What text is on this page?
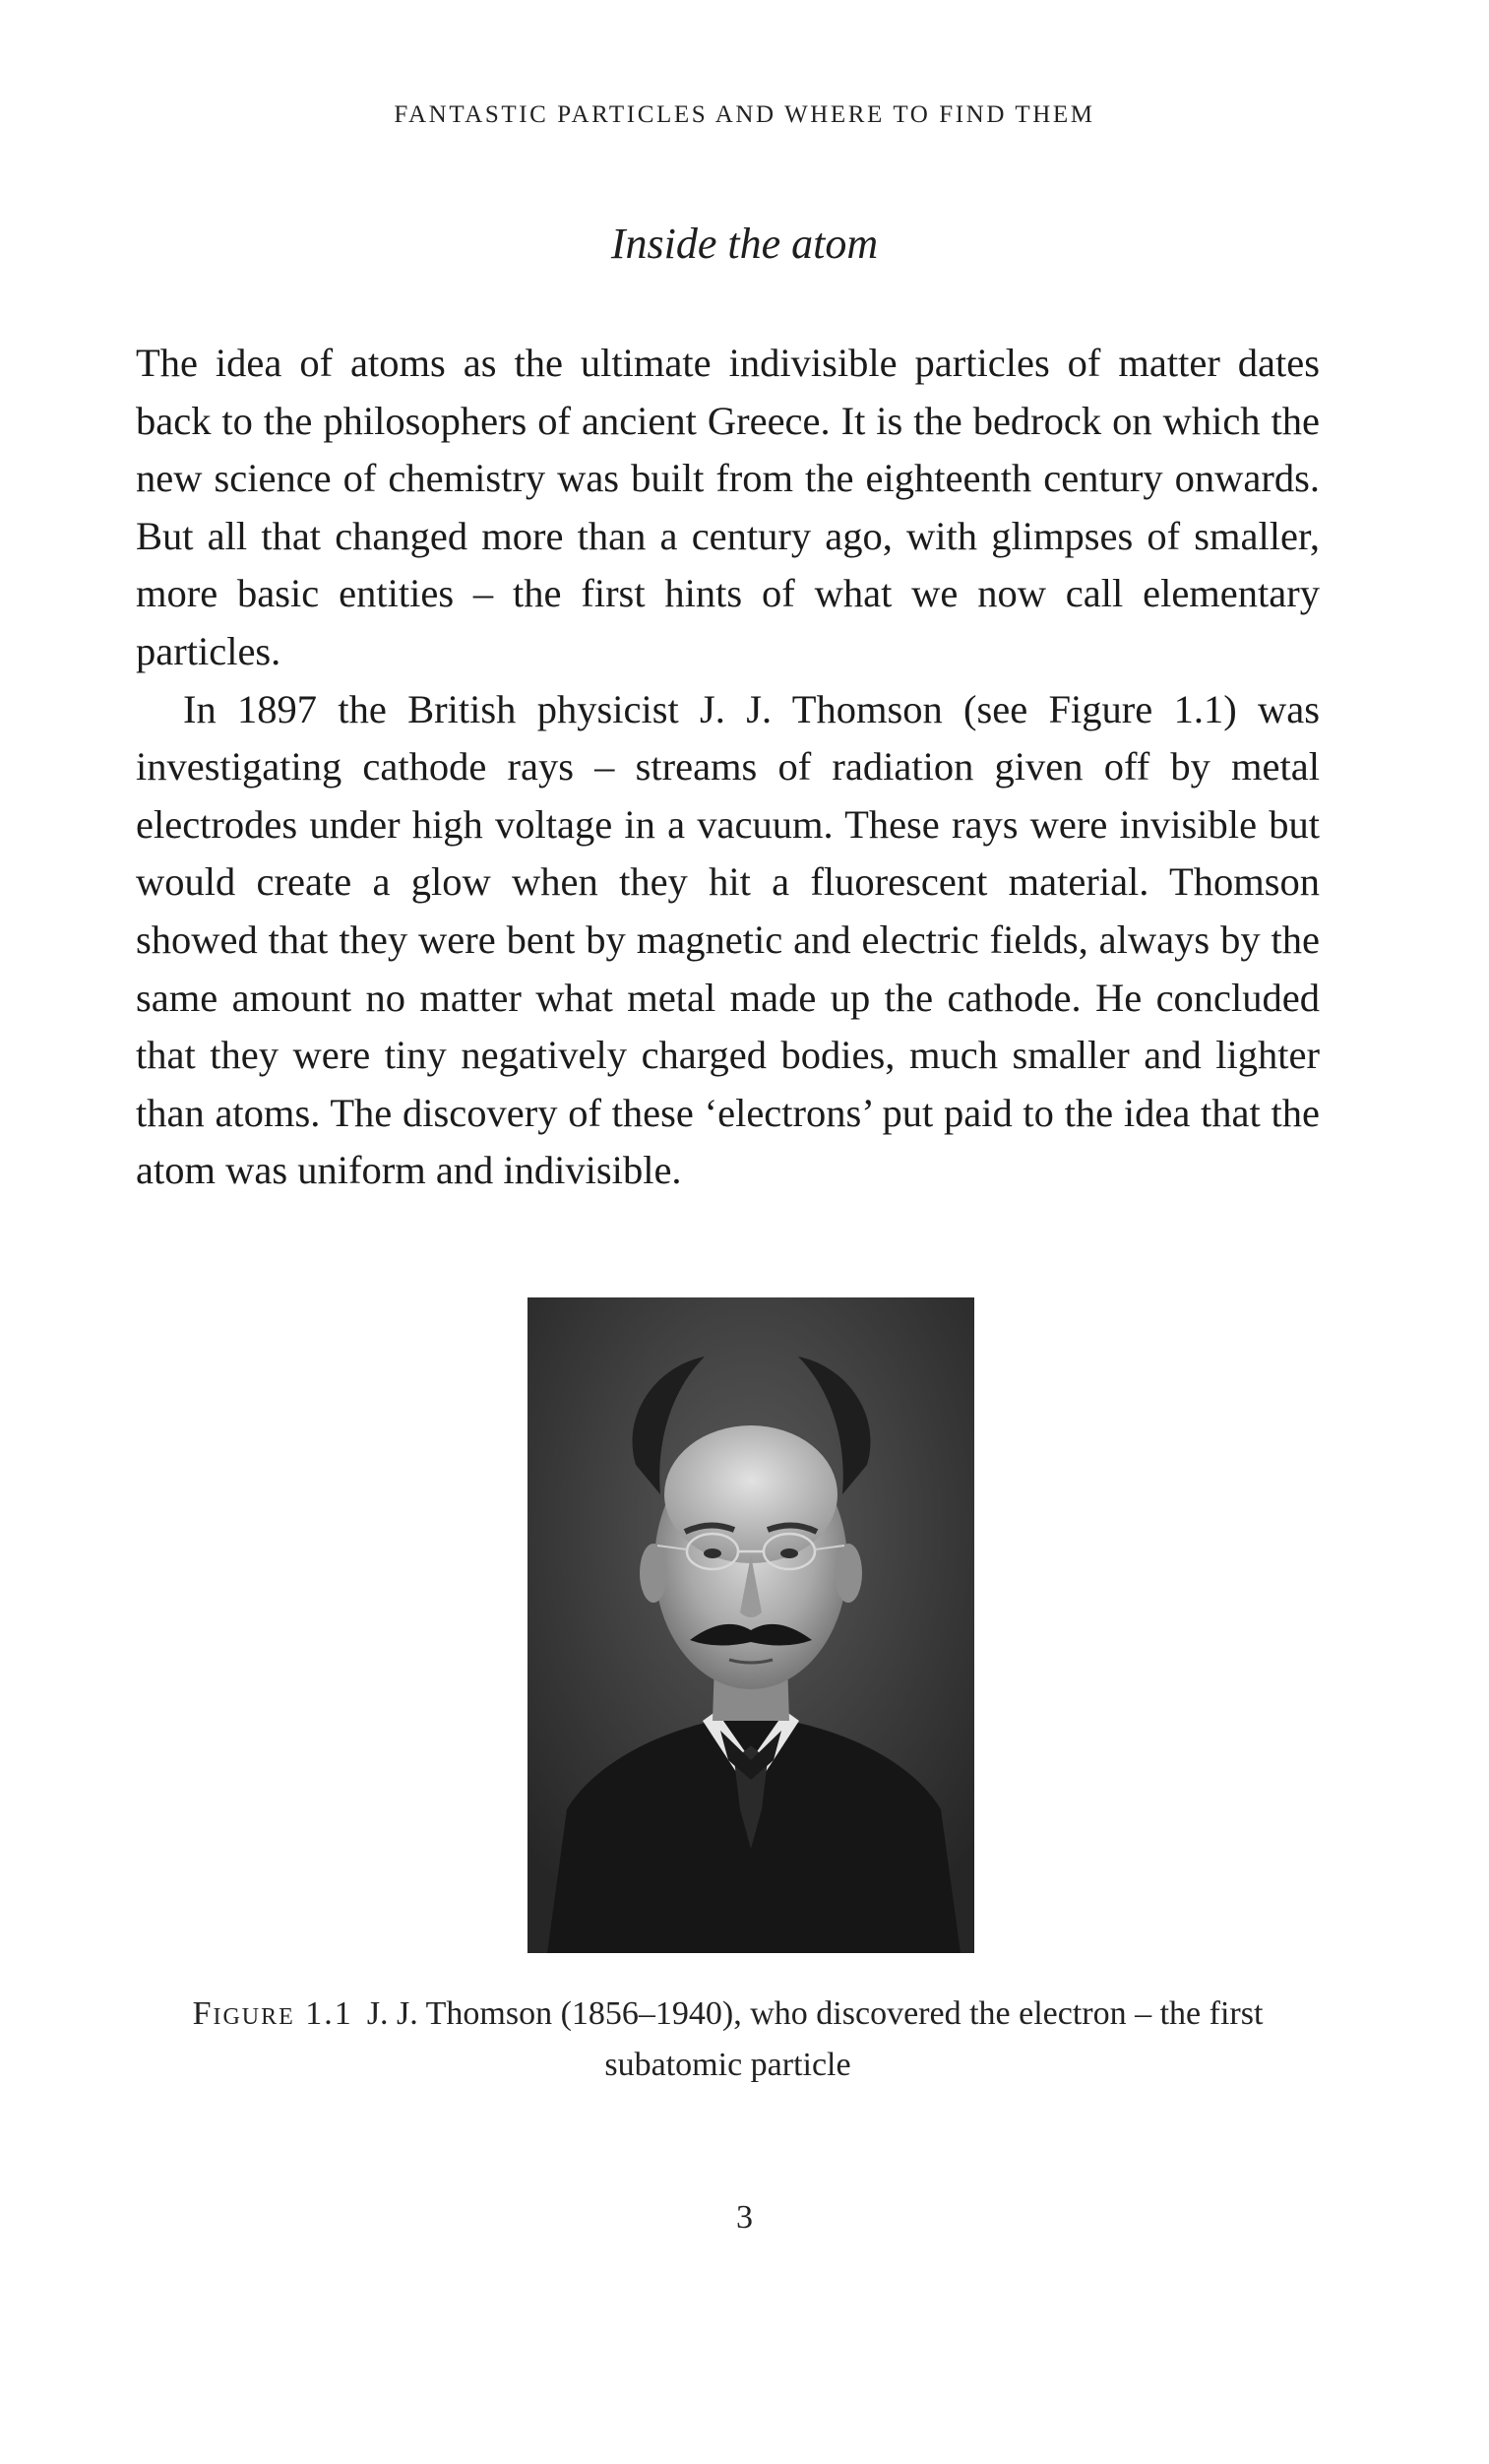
FANTASTIC PARTICLES AND WHERE TO FIND THEM
Inside the atom

The idea of atoms as the ultimate indivisible particles of matter dates back to the philosophers of ancient Greece. It is the bedrock on which the new science of chemistry was built from the eighteenth century onwards. But all that changed more than a century ago, with glimpses of smaller, more basic entities – the first hints of what we now call elementary particles.

In 1897 the British physicist J. J. Thomson (see Figure 1.1) was investigating cathode rays – streams of radiation given off by metal electrodes under high voltage in a vacuum. These rays were invisible but would create a glow when they hit a fluorescent material. Thomson showed that they were bent by magnetic and electric fields, always by the same amount no matter what metal made up the cathode. He concluded that they were tiny negatively charged bodies, much smaller and lighter than atoms. The discovery of these ‘electrons’ put paid to the idea that the atom was uniform and indivisible.

Figure 1.1 J. J. Thomson (1856–1940), who discovered the electron – the first subatomic particle
3
